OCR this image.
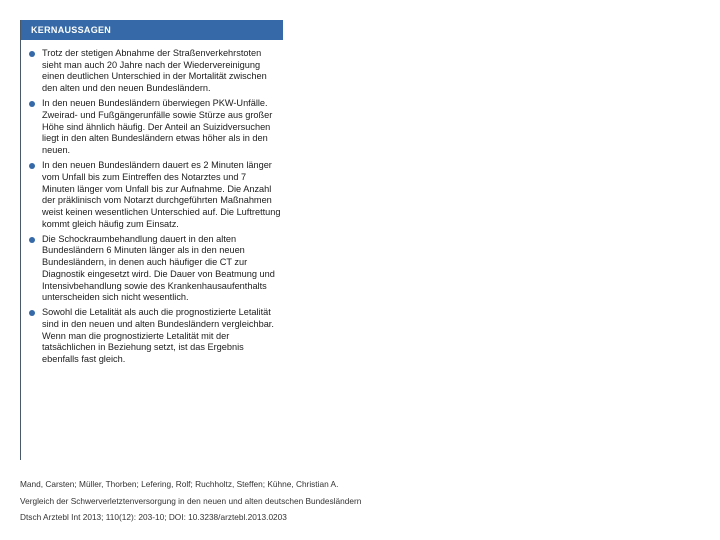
KERNAUSSAGEN
Trotz der stetigen Abnahme der Straßenverkehrstoten sieht man auch 20 Jahre nach der Wiedervereinigung einen deutlichen Unterschied in der Mortalität zwischen den alten und den neuen Bundesländern.
In den neuen Bundesländern überwiegen PKW-Unfälle. Zweirad- und Fußgängerunfälle sowie Stürze aus großer Höhe sind ähnlich häufig. Der Anteil an Suizidversuchen liegt in den alten Bundesländern etwas höher als in den neuen.
In den neuen Bundesländern dauert es 2 Minuten länger vom Unfall bis zum Eintreffen des Notarztes und 7 Minuten länger vom Unfall bis zur Aufnahme. Die Anzahl der präklinisch vom Notarzt durchgeführten Maßnahmen weist keinen wesentlichen Unterschied auf. Die Luftrettung kommt gleich häufig zum Einsatz.
Die Schockraumbehandlung dauert in den alten Bundesländern 6 Minuten länger als in den neuen Bundesländern, in denen auch häufiger die CT zur Diagnostik eingesetzt wird. Die Dauer von Beatmung und Intensivbehandlung sowie des Krankenhausaufenthalts unterscheiden sich nicht wesentlich.
Sowohl die Letalität als auch die prognostizierte Letalität sind in den neuen und alten Bundesländern vergleichbar. Wenn man die prognostizierte Letalität mit der tatsächlichen in Beziehung setzt, ist das Ergebnis ebenfalls fast gleich.
Mand, Carsten; Müller, Thorben; Lefering, Rolf; Ruchholtz, Steffen; Kühne, Christian A.
Vergleich der Schwerverletztenversorgung in den neuen und alten deutschen Bundesländern
Dtsch Arztebl Int 2013; 110(12): 203-10; DOI: 10.3238/arztebl.2013.0203
